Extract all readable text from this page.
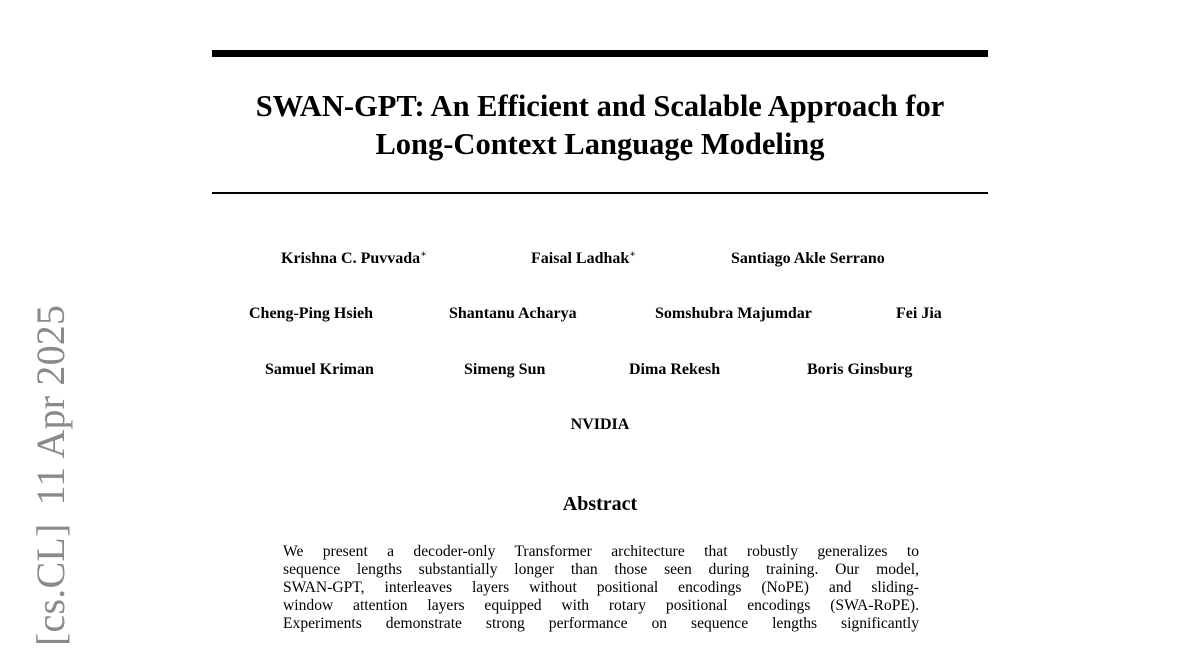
[cs.CL]11 Apr 2025
SWAN-GPT: An Efficient and Scalable Approach for
Long-Context Language Modeling
Krishna C. Puvvada∗	Faisal Ladhak∗	Santiago Akle Serrano
Cheng-Ping Hsieh	Shantanu Acharya	Somshubra Majumdar	Fei Jia
Samuel Kriman	Simeng Sun	Dima Rekesh	Boris Ginsburg
NVIDIA
Abstract
We present a decoder-only Transformer architecture that robustly generalizes to
sequence lengths substantially longer than those seen during training. Our model,
SWAN-GPT, interleaves layers without positional encodings (NoPE) and sliding-
window attention layers equipped with rotary positional encodings (SWA-RoPE).
Experiments demonstrate strong performance on sequence lengths significantly
